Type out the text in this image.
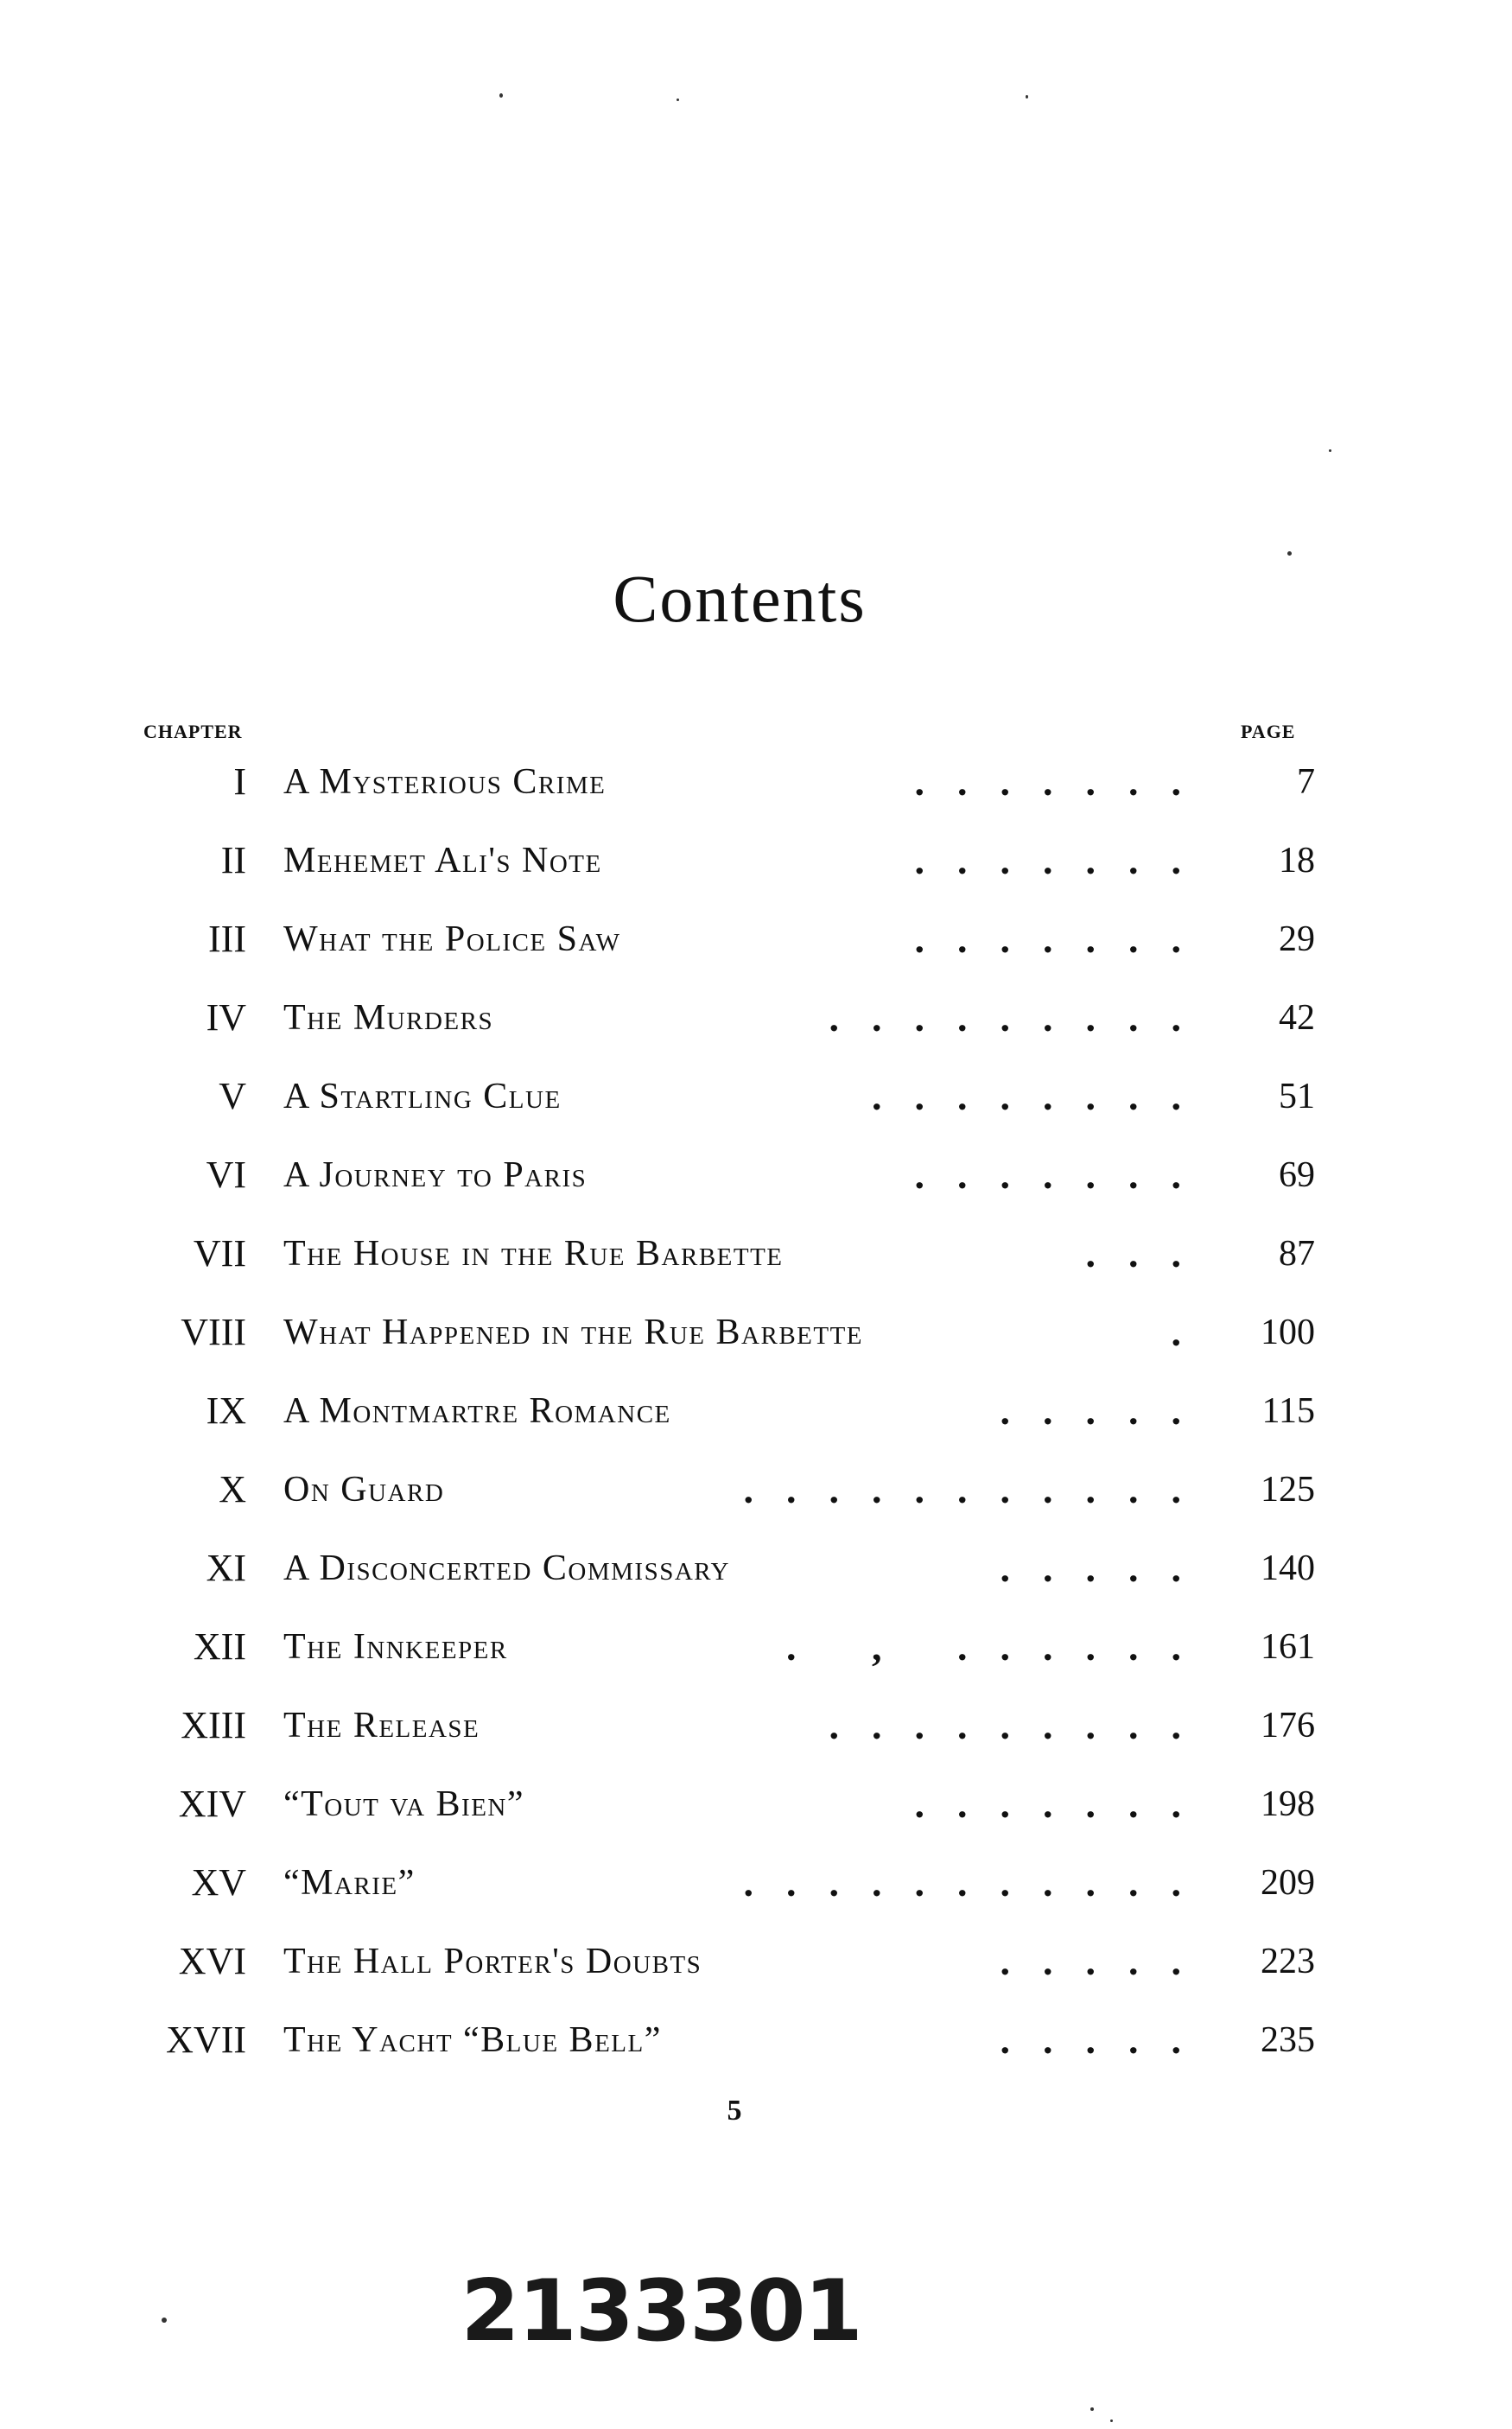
Contents
CHAPTER	PAGE
I A Mysterious Crime	....... 7
II Mehemet Ali's Note	....... 18
III What the Police Saw	....... 29
IV The Murders	......... 42
V A Startling Clue	........ 51
VI A Journey to Paris	....... 69
VII The House in the Rue Barbette	... 87
VIII What Happened in the Rue Barbette	. 100
IX A Montmartre Romance	..... 115
X On Guard	........... 125
XI A Disconcerted Commissary	..... 140
XII The Innkeeper	. , ...... 161
XIII The Release	......... 176
XIV “Tout va Bien”	....... 198
XV “Marie”	........... 209
XVI The Hall Porter's Doubts	..... 223
XVII The Yacht “Blue Bell”	..... 235
5
2133301
